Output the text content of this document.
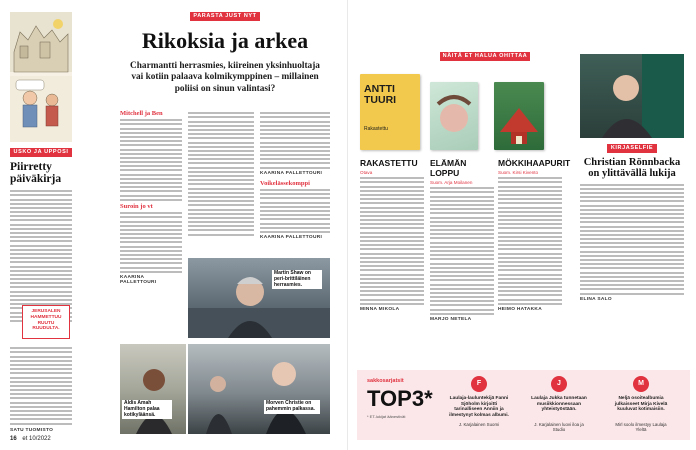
USKO JA UPPOSI
Piirretty päiväkirja
JERUSALEN HAMMETTUU RUUTU RUUDULTA.
SATU TUOMISTO
PARASTA JUST NYT
Rikoksia ja arkea
Charmantti herrasmies, kiireinen yksinhuoltaja vai kotiin palaava kolmikymppinen – millainen poliisi on sinun valintasi?
Mitchell ja Ben
Suroin jo vt
KAARINA PALLETTOURI
KAARINA PALLETTOURI
Voikelässekomppi
KAARINA PALLETTOURI
Martin Shaw on peri-brittiläinen herrasmies.
Aldis Amah Hamilton palaa kotikyläänsä.
Morven Christie on pahemmin palkassa.
16 et 10/2022
NÄITÄ ET HALUA OHITTAA
ANTTI TUURI
Rakastettu
RAKASTETTU
Otava
MINNA MIKOLA
ELÄMÄN LOPPU
Suom. Arja Moilanen
MARJO NETELA
MÖKKIHAAPURIT
Suom. Kirsi Kivento
HEIMO HATAKKA
KIRJASELFIE
Christian Rönnbacka on ylittävällä lukija
ELINA SALO
sakkosarjatsit
TOP3*
* ET-lukijat äänestivät
F
Laulaja-lauluntekijä Fanni Sjöholm kirjoitti tarinalliseen Anniin ja ilmestynyt kolmas albumi.
J. Karjalainen Suomi
J
Laulaja Jukka tunnetaan musiikkionnessaan yhteistyöstään.
J. Karjalainen luovi iloa ja Studio
M
Neljä osoitealbumia julkaisseet Mirja Kivelä kuuluvat kotimaisiin.
Mirl soolo ilmestyy Laulaja Yleltä
